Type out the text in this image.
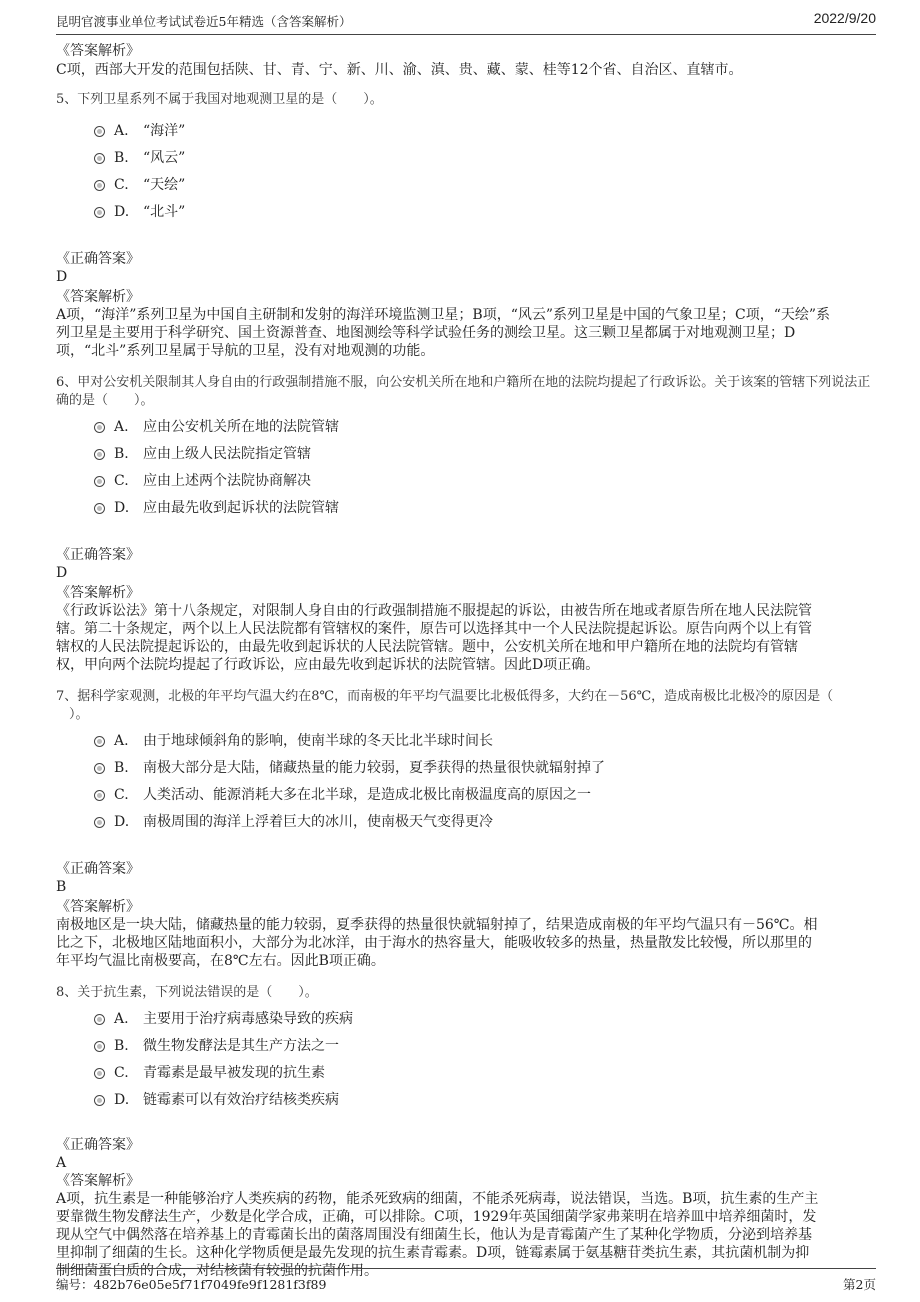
昆明官渡事业单位考试试卷近5年精选（含答案解析）	2022/9/20
《答案解析》
C项，西部大开发的范围包括陕、甘、青、宁、新、川、渝、滇、贵、藏、蒙、桂等12个省、自治区、直辖市。
5、下列卫星系列不属于我国对地观测卫星的是（　　）。
A. “海洋”
B. “风云”
C. “天绘”
D. “北斗”
《正确答案》
D
《答案解析》
A项，“海洋”系列卫星为中国自主研制和发射的海洋环境监测卫星；B项，“风云”系列卫星是中国的气象卫星；C项，“天绘”系
列卫星是主要用于科学研究、国土资源普查、地图测绘等科学试验任务的测绘卫星。这三颗卫星都属于对地观测卫星；D
项，“北斗”系列卫星属于导航的卫星，没有对地观测的功能。
6、甲对公安机关限制其人身自由的行政强制措施不服，向公安机关所在地和户籍所在地的法院均提起了行政诉讼。关于该案的管辖下列说法正
确的是（　　）。
A. 应由公安机关所在地的法院管辖
B. 应由上级人民法院指定管辖
C. 应由上述两个法院协商解决
D. 应由最先收到起诉状的法院管辖
《正确答案》
D
《答案解析》
《行政诉讼法》第十八条规定，对限制人身自由的行政强制措施不服提起的诉讼，由被告所在地或者原告所在地人民法院管
辖。第二十条规定，两个以上人民法院都有管辖权的案件，原告可以选择其中一个人民法院提起诉讼。原告向两个以上有管
辖权的人民法院提起诉讼的，由最先收到起诉状的人民法院管辖。题中，公安机关所在地和甲户籍所在地的法院均有管辖
权，甲向两个法院均提起了行政诉讼，应由最先收到起诉状的法院管辖。因此D项正确。
7、据科学家观测，北极的年平均气温大约在8℃，而南极的年平均气温要比北极低得多，大约在－56℃，造成南极比北极冷的原因是（
　）。
A. 由于地球倾斜角的影响，使南半球的冬天比北半球时间长
B. 南极大部分是大陆，储藏热量的能力较弱，夏季获得的热量很快就辐射掉了
C. 人类活动、能源消耗大多在北半球，是造成北极比南极温度高的原因之一
D. 南极周围的海洋上浮着巨大的冰川，使南极天气变得更冷
《正确答案》
B
《答案解析》
南极地区是一块大陆，储藏热量的能力较弱，夏季获得的热量很快就辐射掉了，结果造成南极的年平均气温只有－56℃。相
比之下，北极地区陆地面积小，大部分为北冰洋，由于海水的热容量大，能吸收较多的热量，热量散发比较慢，所以那里的
年平均气温比南极要高，在8℃左右。因此B项正确。
8、关于抗生素，下列说法错误的是（　　）。
A. 主要用于治疗病毒感染导致的疾病
B. 微生物发酵法是其生产方法之一
C. 青霉素是最早被发现的抗生素
D. 链霉素可以有效治疗结核类疾病
《正确答案》
A
《答案解析》
A项，抗生素是一种能够治疗人类疾病的药物，能杀死致病的细菌，不能杀死病毒，说法错误，当选。B项，抗生素的生产主
要靠微生物发酵法生产，少数是化学合成，正确，可以排除。C项，1929年英国细菌学家弗莱明在培养皿中培养细菌时，发
现从空气中偶然落在培养基上的青霉菌长出的菌落周围没有细菌生长，他认为是青霉菌产生了某种化学物质，分泌到培养基
里抑制了细菌的生长。这种化学物质便是最先发现的抗生素青霉素。D项，链霉素属于氨基糖苷类抗生素，其抗菌机制为抑
制细菌蛋白质的合成，对结核菌有较强的抗菌作用。
编号：482b76e05e5f71f7049fe9f1281f3f89	第2页
